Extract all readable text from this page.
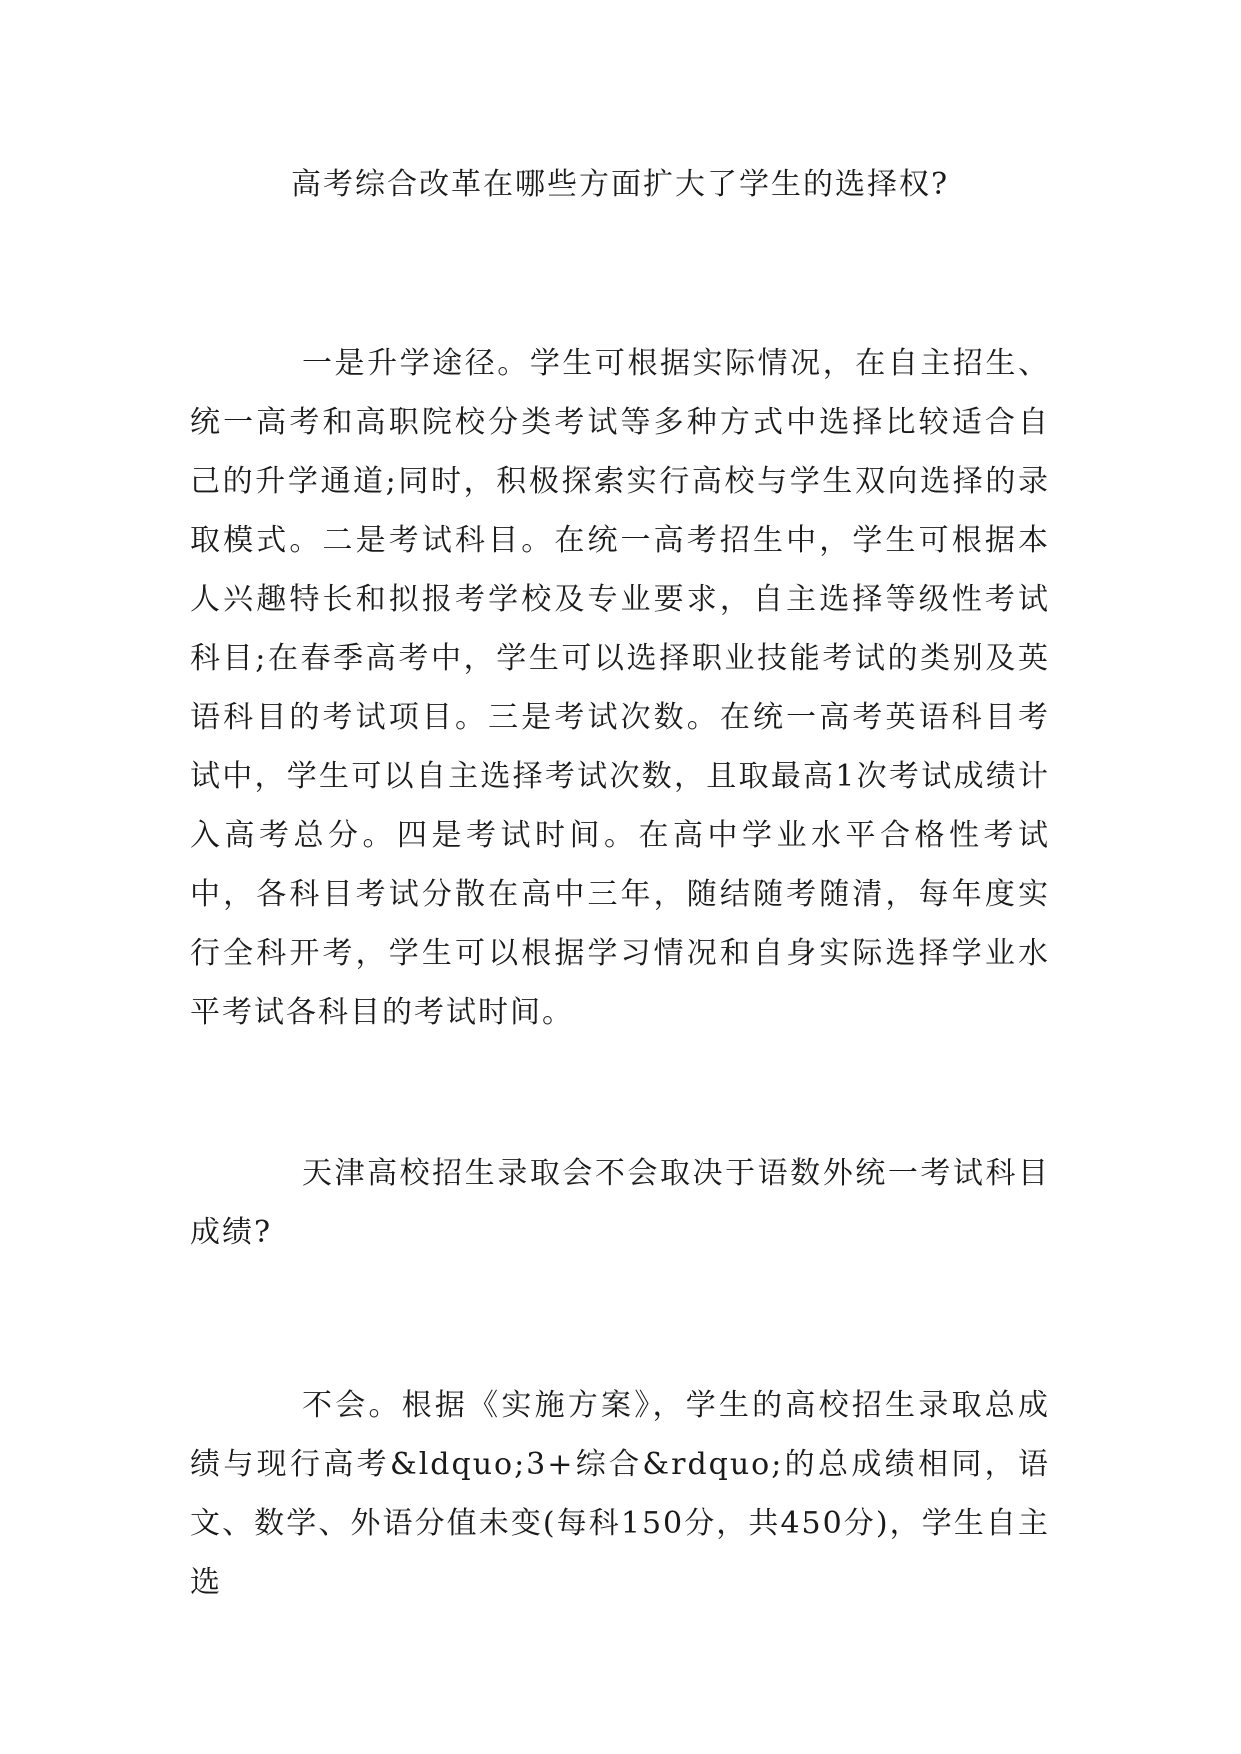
高考综合改革在哪些方面扩大了学生的选择权?

一是升学途径。学生可根据实际情况，在自主招生、统一高考和高职院校分类考试等多种方式中选择比较适合自己的升学通道;同时，积极探索实行高校与学生双向选择的录取模式。二是考试科目。在统一高考招生中，学生可根据本人兴趣特长和拟报考学校及专业要求，自主选择等级性考试科目;在春季高考中，学生可以选择职业技能考试的类别及英语科目的考试项目。三是考试次数。在统一高考英语科目考试中，学生可以自主选择考试次数，且取最高1次考试成绩计入高考总分。四是考试时间。在高中学业水平合格性考试中，各科目考试分散在高中三年，随结随考随清，每年度实行全科开考，学生可以根据学习情况和自身实际选择学业水平考试各科目的考试时间。

天津高校招生录取会不会取决于语数外统一考试科目成绩?

不会。根据《实施方案》，学生的高校招生录取总成绩与现行高考&ldquo;3+综合&rdquo;的总成绩相同，语文、数学、外语分值未变(每科150分，共450分)，学生自主选
